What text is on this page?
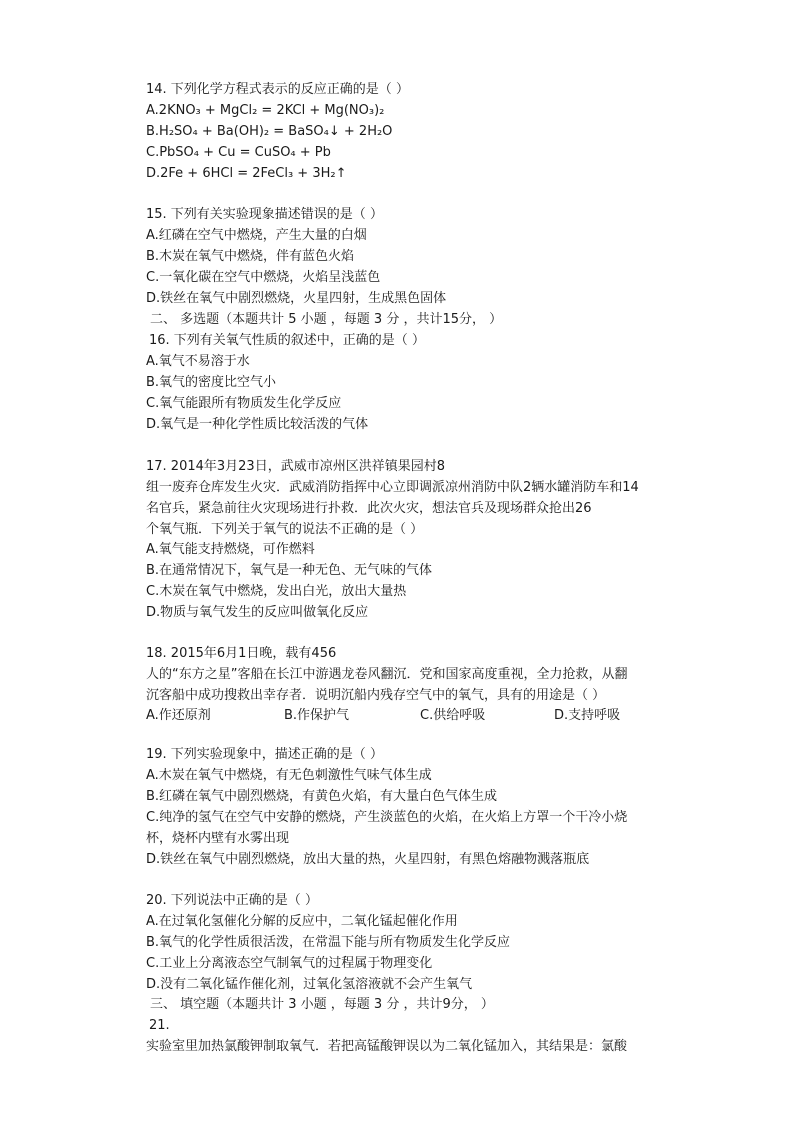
14. 下列化学方程式表示的反应正确的是（ ）
A.2KNO₃ + MgCl₂ = 2KCl + Mg(NO₃)₂
B.H₂SO₄ + Ba(OH)₂ = BaSO₄↓ + 2H₂O
C.PbSO₄ + Cu = CuSO₄ + Pb
D.2Fe + 6HCl = 2FeCl₃ + 3H₂↑
15. 下列有关实验现象描述错误的是（ ）
A.红磷在空气中燃烧，产生大量的白烟
B.木炭在氧气中燃烧，伴有蓝色火焰
C.一氧化碳在空气中燃烧，火焰呈浅蓝色
D.铁丝在氧气中剧烈燃烧，火星四射，生成黑色固体
二、 多选题（本题共计 5 小题 ，每题 3 分 ，共计15分， ）
16. 下列有关氧气性质的叙述中，正确的是（ ）
A.氧气不易溶于水
B.氧气的密度比空气小
C.氧气能跟所有物质发生化学反应
D.氧气是一种化学性质比较活泼的气体
17. 2014年3月23日，武威市凉州区洪祥镇果园村8
组一废弃仓库发生火灾．武威消防指挥中心立即调派凉州消防中队2辆水罐消防车和14
名官兵，紧急前往火灾现场进行扑救．此次火灾，想法官兵及现场群众抢出26
个氧气瓶．下列关于氧气的说法不正确的是（ ）
A.氧气能支持燃烧，可作燃料
B.在通常情况下，氧气是一种无色、无气味的气体
C.木炭在氧气中燃烧，发出白光，放出大量热
D.物质与氧气发生的反应叫做氧化反应
18. 2015年6月1日晚，载有456
人的“东方之星”客船在长江中游遇龙卷风翻沉．党和国家高度重视，全力抢救，从翻
沉客船中成功搜救出幸存者．说明沉船内残存空气中的氧气，具有的用途是（ ）
A.作还原剂	B.作保护气	C.供给呼吸	D.支持呼吸
19. 下列实验现象中，描述正确的是（ ）
A.木炭在氧气中燃烧，有无色刺激性气味气体生成
B.红磷在氧气中剧烈燃烧，有黄色火焰，有大量白色气体生成
C.纯净的氢气在空气中安静的燃烧，产生淡蓝色的火焰，在火焰上方罩一个干冷小烧
杯，烧杯内壁有水雾出现
D.铁丝在氧气中剧烈燃烧，放出大量的热，火星四射，有黑色熔融物溅落瓶底
20. 下列说法中正确的是（ ）
A.在过氧化氢催化分解的反应中，二氧化锰起催化作用
B.氧气的化学性质很活泼，在常温下能与所有物质发生化学反应
C.工业上分离液态空气制氧气的过程属于物理变化
D.没有二氧化锰作催化剂，过氧化氢溶液就不会产生氧气
三、 填空题（本题共计 3 小题 ，每题 3 分 ，共计9分， ）
21.
实验室里加热氯酸钾制取氧气．若把高锰酸钾误以为二氧化锰加入，其结果是：氯酸
